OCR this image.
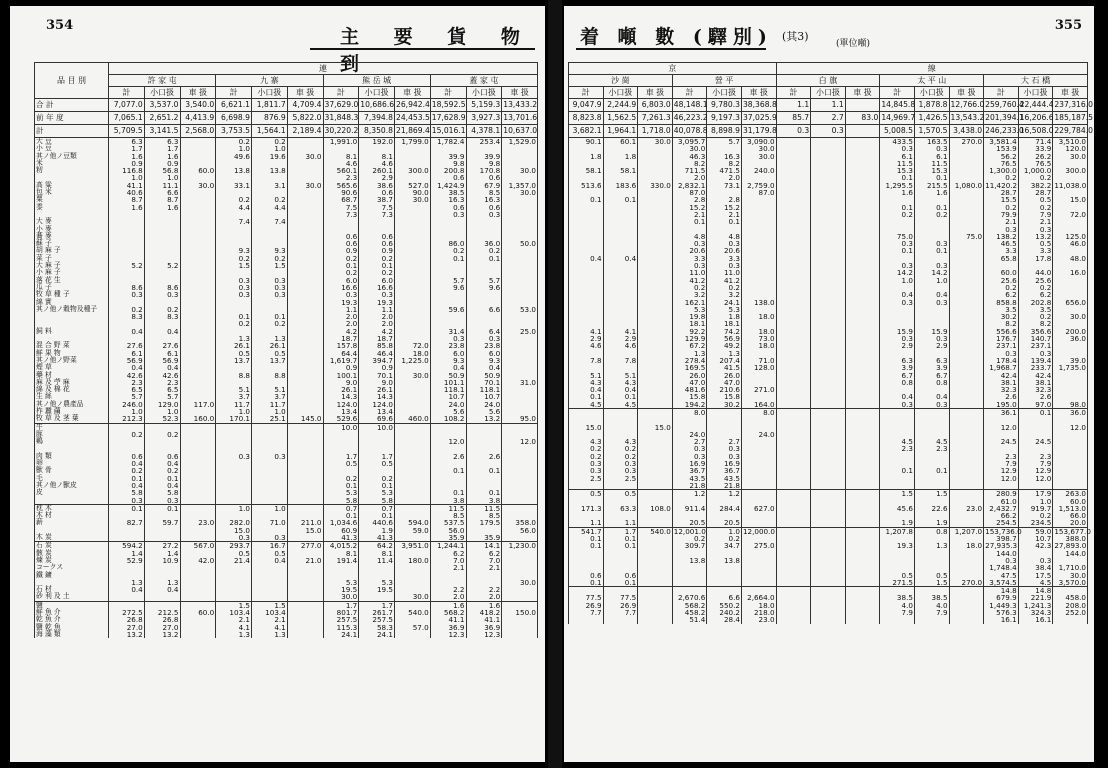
354
主 要 貨 物 到
品 目 別	連											
	許 家 屯			九 寨			熊 岳 城			蓋 家 屯		
	計	小口扱	車 扱	計	小口扱	車 扱	計	小口扱	車 扱	計	小口扱	車 扱
合 計	7,077.0	3,537.0	3,540.0	6,621.1	1,811.7	4,709.4	37,629.0	10,686.6	26,942.4	18,592.5	5,159.3	13,433.2
前 年 度	7,065.1	2,651.2	4,413.9	6,698.9	876.9	5,822.0	31,848.3	7,394.8	24,453.5	17,628.9	3,927.3	13,701.6
計	5,709.5	3,141.5	2,568.0	3,753.5	1,564.1	2,189.4	30,220.2	8,350.8	21,869.4	15,016.1	4,378.1	10,637.0
大 豆	6.3	6.3		0.2	0.2		1,991.0	192.0	1,799.0	1,782.4	253.4	1,529.0
小 豆	1.7	1.7		1.0	1.0							
其ノ他ノ豆類	1.6	1.6		49.6	19.6	30.0	8.1	8.1		39.9	39.9	
米	0.9	0.9					4.6	4.6		9.8	9.8	
籾	116.8	56.8	60.0	13.8	13.8		560.1	260.1	300.0	200.8	170.8	30.0
	1.0	1.0					2.3	2.9		0.6	0.6	
高 粱	41.1	11.1	30.0	33.1	3.1	30.0	565.6	38.6	527.0	1,424.9	67.9	1,357.0
包 米	40.6	6.6					90.6	0.6	90.0	38.5	8.5	30.0
粟	8.7	8.7		0.2	0.2		68.7	38.7	30.0	16.3	16.3	
黍	1.6	1.6		4.4	4.4		7.5	7.5		0.6	0.6	
							7.3	7.3		0.3	0.3	
大 麥				7.4	7.4							
小 麥												
蕎 麥							0.6	0.6				
蘇 子							0.6	0.6		86.0	36.0	50.0
胡 麻 子				9.3	9.3		0.9	0.9		0.2	0.2	
菜 子				0.2	0.2		0.2	0.2		0.1	0.1	
大 麻 子	5.2	5.2		1.5	1.5		0.1	0.1				
小 麻 子							0.2	0.2				
落 花 生				0.3	0.3		6.0	6.0		5.7	5.7	
瓜 子	8.6	8.6		0.3	0.3		16.6	16.6		9.6	9.6	
牧 草 種 子	0.3	0.3		0.3	0.3		0.3	0.3				
綿 實							19.3	19.3				
其ノ他ノ穀物及種子	0.2	0.2					1.1	1.1		59.6	6.6	53.0
	8.3	8.3		0.1	0.1		2.0	2.0				
				0.2	0.2		2.0	2.0				
飼 料	0.4	0.4					4.2	4.2		31.4	6.4	25.0
				1.3	1.3		18.7	18.7		0.3	0.3	
混 合 野 菜	27.6	27.6		26.1	26.1		157.8	85.8	72.0	23.8	23.8	
鮮 果 物	6.1	6.1		0.5	0.5		64.4	46.4	18.0	6.0	6.0	
其ノ他ノ野菜	56.9	56.9		13.7	13.7		1,619.7	394.7	1,225.0	9.3	9.3	
煙 草	0.4	0.4					0.9	0.9		0.4	0.4	
藥 材	42.6	42.6		8.8	8.8		100.1	70.1	30.0	50.9	50.9	
麻 及 苧 麻	2.3	2.3					9.0	9.0		101.1	70.1	31.0
綿 及 棉 花	6.5	6.5		5.1	5.1		26.1	26.1		118.1	118.1	
生 絲	5.7	5.7		3.7	3.7		14.3	14.3		10.7	10.7	
其ノ他ノ農產品	246.0	129.0	117.0	11.7	11.7		124.0	124.0		24.0	24.0	
柞 蠶 繭	1.0	1.0		1.0	1.0		13.4	13.4		5.6	5.6	
牧 草 及 茎 葉	212.3	52.3	160.0	170.1	25.1	145.0	529.6	69.6	460.0	108.2	13.2	95.0
牛							10.0	10.0				
豚	0.2	0.2										
鷄										12.0		12.0

肉 類	0.6	0.6		0.3	0.3		1.7	1.7		2.6	2.6	
卵	0.4	0.4					0.5	0.5				
獸 骨	0.2	0.2								0.1	0.1	
毛	0.1	0.1					0.2	0.2				
其ノ他ノ獸皮	0.4	0.4					0.1	0.1				
皮	5.8	5.8					5.3	5.3		0.1	0.1	
	0.3	0.3					5.8	5.8		3.8	3.8	
枕 木	0.1	0.1		1.0	1.0		0.7	0.7		11.5	11.5	
木 材							0.1	0.1		8.5	8.5	
薪	82.7	59.7	23.0	282.0	71.0	211.0	1,034.6	440.6	594.0	537.5	179.5	358.0
				15.0		15.0	60.9	1.9	59.0	56.0		56.0
木 炭				0.3	0.3		41.3	41.3		35.9	35.9	
石 炭	594.2	27.2	567.0	293.7	16.7	277.0	4,015.2	64.2	3,951.0	1,244.1	14.1	1,230.0
骸 炭	1.4	1.4		0.5	0.5		8.1	8.1		6.2	6.2	
煉 炭	52.9	10.9	42.0	21.4	0.4	21.0	191.4	11.4	180.0	7.0	7.0	
コークス										2.1	2.1	
鐵 鑛												
	1.3	1.3					5.3	5.3				30.0
石 材	0.4	0.4					19.5	19.5		2.2	2.2	
砂 利 及 土							30.0		30.0	2.0	2.0	
鹽				1.5	1.5		1.7	1.7		1.6	1.6	
鮮 魚 介	272.5	212.5	60.0	103.4	103.4		801.7	261.7	540.0	568.2	418.2	150.0
乾 魚 介	26.8	26.8		2.1	2.1		257.5	257.5		41.1	41.1	
鹽 乾 魚	27.0	27.0		4.1	4.1		115.3	58.3	57.0	36.9	36.9	
海 藻 類	13.2	13.2		1.3	1.3		24.1	24.1		12.3	12.3	
着 噸 數 (驛別) (其3)
(單位噸)
355
京						線								
沙 崗			營 平			白 旗			太 平 山			大 石 橋		
計	小口扱	車 扱	計	小口扱	車 扱	計	小口扱	車 扱	計	小口扱	車 扱	計	小口扱	車 扱
9,047.9	2,244.9	6,803.0	48,148.1	9,780.3	38,368.8	1.1	1.1		14,845.8	1,878.8	12,766.0	259,760.4	22,444.4	237,316.0
8,823.8	1,562.5	7,261.3	46,223.2	9,197.3	37,025.9	85.7	2.7	83.0	14,969.7	1,426.5	13,543.2	201,394.1	16,206.6	185,187.5
3,682.1	1,964.1	1,718.0	40,078.8	8,898.9	31,179.8	0.3	0.3		5,008.5	1,570.5	3,438.0	246,233.0	16,508.0	229,784.0
90.1	60.1	30.0	3,095.7	5.7	3,090.0				433.5	163.5	270.0	3,581.4	71.4	3,510.0
			30.0		30.0				0.3	0.3		153.9	33.9	120.0
1.8	1.8		46.3	16.3	30.0				6.1	6.1		56.2	26.2	30.0
			8.2	8.2					11.5	11.5		76.5	76.5	
58.1	58.1		711.5	471.5	240.0				15.3	15.3		1,300.0	1,000.0	300.0
			2.0	2.0					0.1	0.1		0.2	0.2	
513.6	183.6	330.0	2,832.1	73.1	2,759.0				1,295.5	215.5	1,080.0	11,420.2	382.2	11,038.0
			87.0		87.0				1.6	1.6		28.7	28.7	
0.1	0.1		2.8	2.8								15.5	0.5	15.0
			15.2	15.2					0.1	0.1		0.2	0.2	
			2.1	2.1					0.2	0.2		79.9	7.9	72.0
			0.1	0.1								2.1	2.1	
												0.3	0.3	
			4.8	4.8					75.0		75.0	138.2	13.2	125.0
			0.3	0.3					0.3	0.3		46.5	0.5	46.0
			20.6	20.6					0.1	0.1		3.3	3.3	
0.4	0.4		3.3	3.3								65.8	17.8	48.0
			0.3	0.3					0.3	0.3				
			11.0	11.0					14.2	14.2		60.0	44.0	16.0
			41.2	41.2					1.0	1.0		25.6	25.6	
			0.2	0.2								0.2	0.2	
			3.2	3.2					0.4	0.4		6.2	6.2	
			162.1	24.1	138.0				0.3	0.3		858.8	202.8	656.0
			5.3	5.3								3.5	3.5	
			19.8	1.8	18.0							30.2	0.2	30.0
			18.1	18.1								8.2	8.2	
4.1	4.1		92.2	74.2	18.0				15.9	15.9		556.6	356.6	200.0
2.9	2.9		129.9	56.9	73.0				0.3	0.3		176.7	140.7	36.0
4.6	4.6		67.2	49.2	18.0				2.9	2.9		237.1	237.1	
			1.3	1.3								0.3	0.3	
7.8	7.8		278.4	207.4	71.0				6.3	6.3		178.4	139.4	39.0
			169.5	41.5	128.0				3.9	3.9		1,968.7	233.7	1,735.0
5.1	5.1		26.0	26.0					6.7	6.7		42.4	42.4	
4.3	4.3		47.0	47.0					0.8	0.8		38.1	38.1	
0.4	0.4		481.6	210.6	271.0							32.3	32.3	
0.1	0.1		15.8	15.8					0.4	0.4		2.6	2.6	
4.5	4.5		194.2	30.2	164.0				0.3	0.3		195.0	97.0	98.0
			8.0		8.0							36.1	0.1	36.0

15.0		15.0										12.0		12.0
			24.0		24.0									
4.3	4.3		2.7	2.7					4.5	4.5		24.5	24.5	
0.2	0.2		0.3	0.3					2.3	2.3				
0.2	0.2		0.3	0.3								2.3	2.3	
0.3	0.3		16.9	16.9								7.9	7.9	
0.3	0.3		36.7	36.7					0.1	0.1		12.9	12.9	
2.5	2.5		43.5	43.5								12.0	12.0	
			21.8	21.8										
0.5	0.5		1.2	1.2					1.5	1.5		280.9	17.9	263.0
												61.0	1.0	60.0
171.3	63.3	108.0	911.4	284.4	627.0				45.6	22.6	23.0	2,432.7	919.7	1,513.0
												66.2	0.2	66.0
1.1	1.1		20.5	20.5					1.9	1.9		254.5	234.5	20.0
541.7	1.7	540.0	12,001.0	1.0	12,000.0				1,207.8	0.8	1,207.0	153,736.0	59.0	153,677.0
0.1	0.1		0.2	0.2								398.7	10.7	388.0
0.1	0.1		309.7	34.7	275.0				19.3	1.3	18.0	27,935.3	42.3	27,893.0
												144.0		144.0
			13.8	13.8								0.3	0.3	
												1,748.4	38.4	1,710.0
0.6	0.6								0.5	0.5		47.5	17.5	30.0
0.1	0.1								271.5	1.5	270.0	3,574.5	4.5	3,570.0
												14.8	14.8	
77.5	77.5		2,670.6	6.6	2,664.0				38.5	38.5		679.9	221.9	458.0
26.9	26.9		568.2	550.2	18.0				4.0	4.0		1,449.3	1,241.3	208.0
7.7	7.7		458.2	240.2	218.0				7.9	7.9		576.3	324.3	252.0
			51.4	28.4	23.0							16.1	16.1	
